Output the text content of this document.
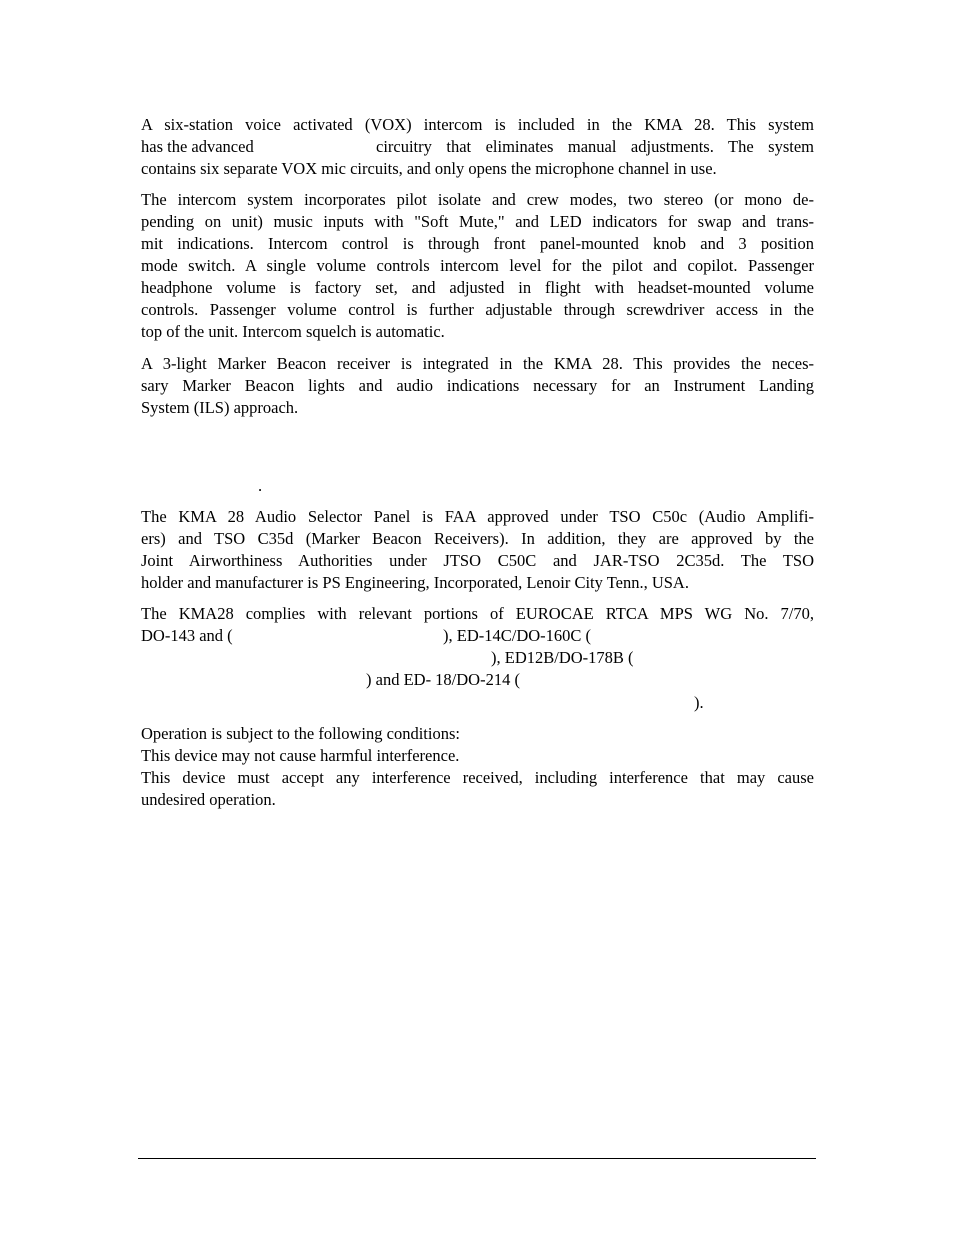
A six-station voice activated (VOX) intercom is included in the KMA 28. This system
has the advanced	circuitry that eliminates manual adjustments. The system
contains six separate VOX mic circuits, and only opens the microphone channel in use.
The intercom system incorporates pilot isolate and crew modes, two stereo (or mono de-
pending on unit) music inputs with "Soft Mute," and LED indicators for swap and trans-
mit indications. Intercom control is through front panel-mounted knob and 3 position
mode switch. A single volume controls intercom level for the pilot and copilot. Passenger
headphone volume is factory set, and adjusted in flight with headset-mounted volume
controls. Passenger volume control is further adjustable through screwdriver access in the
top of the unit. Intercom squelch is automatic.
A 3-light Marker Beacon receiver is integrated in the KMA 28. This provides the neces-
sary Marker Beacon lights and audio indications necessary for an Instrument Landing
System (ILS) approach.
.
The KMA 28 Audio Selector Panel is FAA approved under TSO C50c (Audio Amplifi-
ers) and TSO C35d (Marker Beacon Receivers). In addition, they are approved by the
Joint Airworthiness Authorities under JTSO C50C and JAR-TSO 2C35d. The TSO
holder and manufacturer is PS Engineering, Incorporated, Lenoir City Tenn., USA.
The KMA28 complies with relevant portions of EUROCAE RTCA MPS WG No. 7/70,
DO-143 and (	), ED-14C/DO-160C (
), ED12B/DO-178B (
) and ED- 18/DO-214 (
).
Operation is subject to the following conditions:
This device may not cause harmful interference.
This device must accept any interference received, including interference that may cause
undesired operation.
